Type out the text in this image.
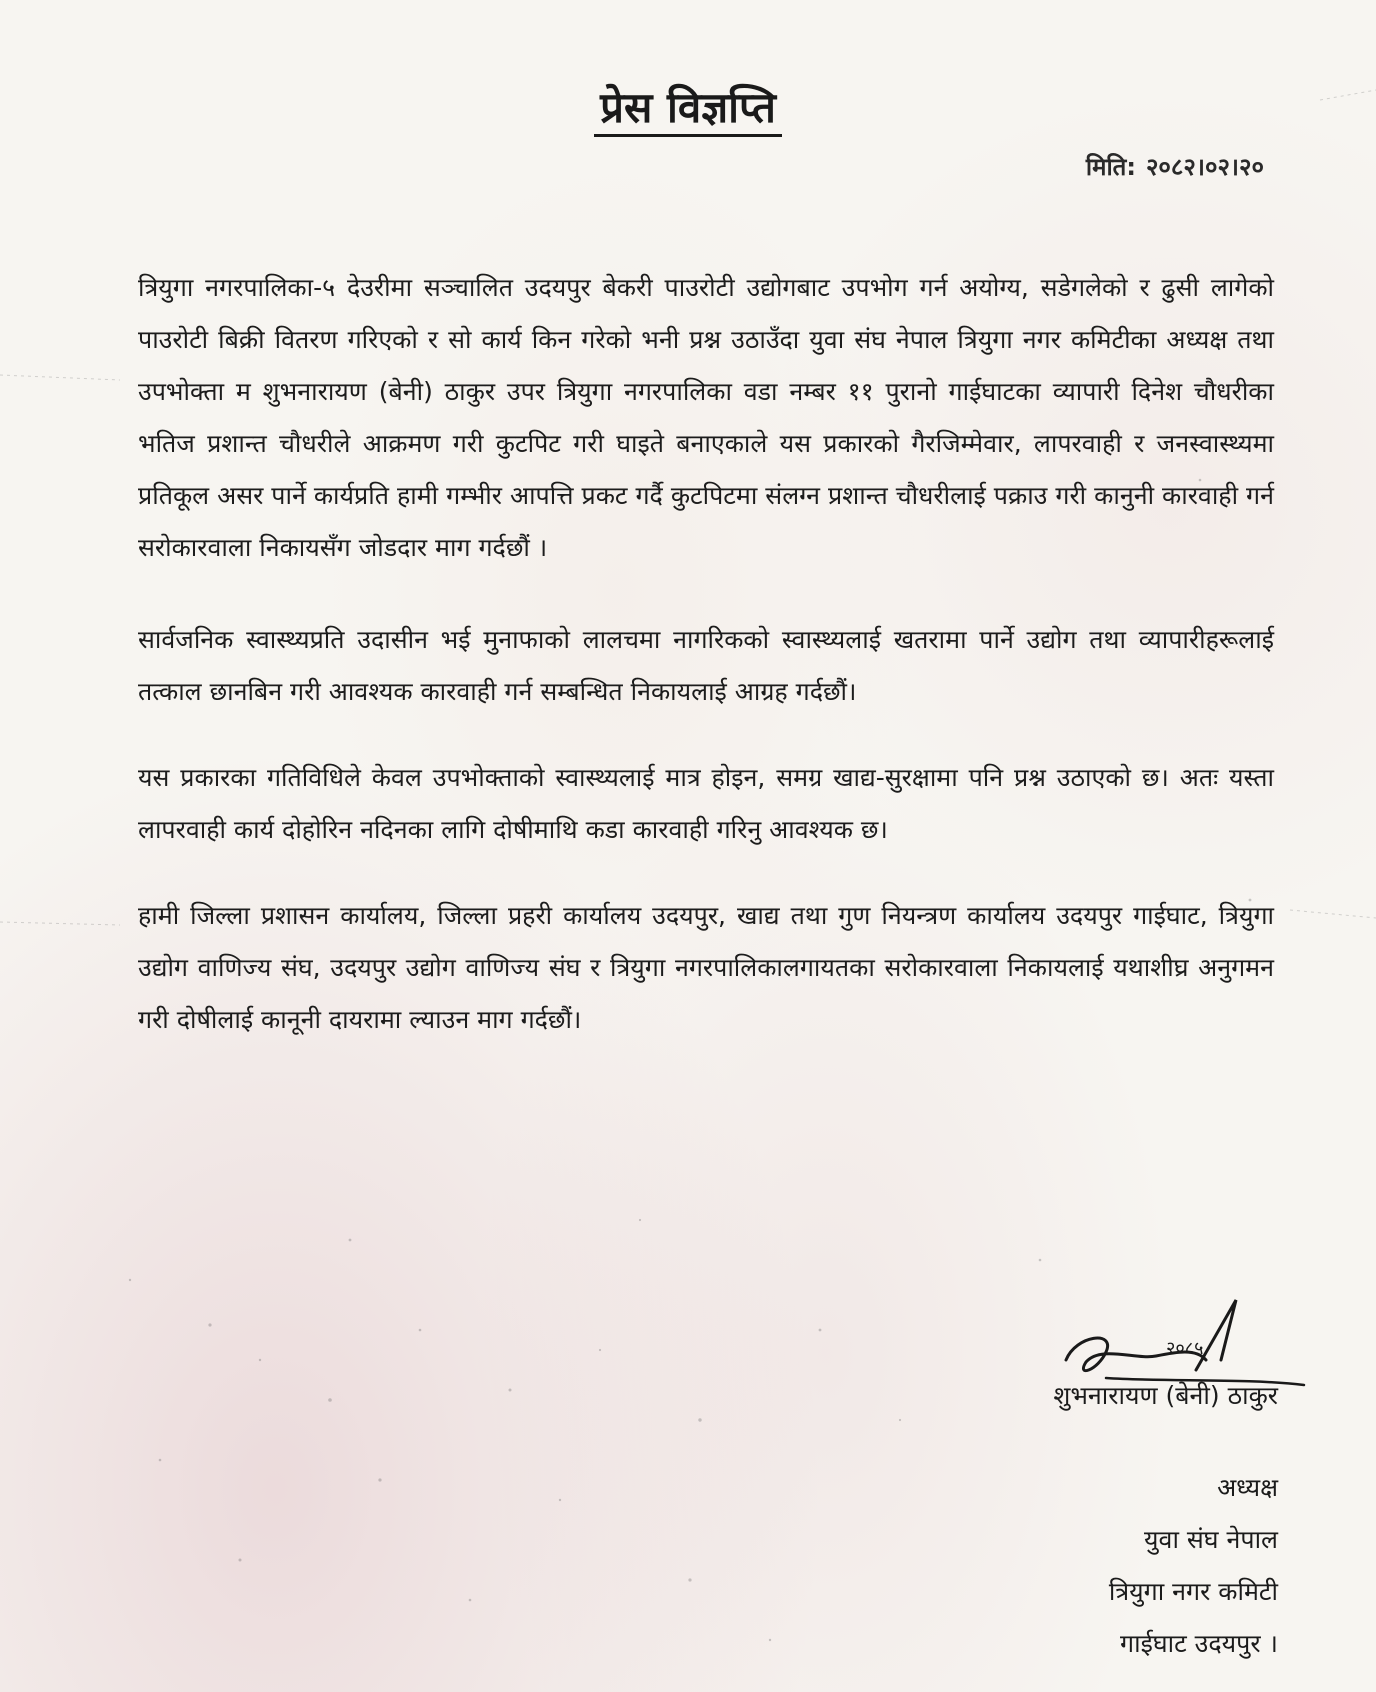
प्रेस विज्ञप्ति
मिति: २०८२।०२।२०

त्रियुगा नगरपालिका-५ देउरीमा सञ्चालित उदयपुर बेकरी पाउरोटी उद्योगबाट उपभोग गर्न अयोग्य, सडेगलेको र ढुसी लागेको पाउरोटी बिक्री वितरण गरिएको र सो कार्य किन गरेको भनी प्रश्न उठाउँदा युवा संघ नेपाल त्रियुगा नगर कमिटीका अध्यक्ष तथा उपभोक्ता म शुभनारायण (बेनी) ठाकुर उपर त्रियुगा नगरपालिका वडा नम्बर ११ पुरानो गाईघाटका व्यापारी दिनेश चौधरीका भतिज प्रशान्त चौधरीले आक्रमण गरी कुटपिट गरी घाइते बनाएकाले यस प्रकारको गैरजिम्मेवार, लापरवाही र जनस्वास्थ्यमा प्रतिकूल असर पार्ने कार्यप्रति हामी गम्भीर आपत्ति प्रकट गर्दै कुटपिटमा संलग्न प्रशान्त चौधरीलाई पक्राउ गरी कानुनी कारवाही गर्न सरोकारवाला निकायसँग जोडदार माग गर्दछौं ।

सार्वजनिक स्वास्थ्यप्रति उदासीन भई मुनाफाको लालचमा नागरिकको स्वास्थ्यलाई खतरामा पार्ने उद्योग तथा व्यापारीहरूलाई तत्काल छानबिन गरी आवश्यक कारवाही गर्न सम्बन्धित निकायलाई आग्रह गर्दछौं।

यस प्रकारका गतिविधिले केवल उपभोक्ताको स्वास्थ्यलाई मात्र होइन, समग्र खाद्य-सुरक्षामा पनि प्रश्न उठाएको छ। अतः यस्ता लापरवाही कार्य दोहोरिन नदिनका लागि दोषीमाथि कडा कारवाही गरिनु आवश्यक छ।

हामी जिल्ला प्रशासन कार्यालय, जिल्ला प्रहरी कार्यालय उदयपुर, खाद्य तथा गुण नियन्त्रण कार्यालय उदयपुर गाईघाट, त्रियुगा उद्योग वाणिज्य संघ, उदयपुर उद्योग वाणिज्य संघ र त्रियुगा नगरपालिकालगायतका सरोकारवाला निकायलाई यथाशीघ्र अनुगमन गरी दोषीलाई कानूनी दायरामा ल्याउन माग गर्दछौं।

२०८५
शुभनारायण (बेनी) ठाकुर
अध्यक्ष
युवा संघ नेपाल
त्रियुगा नगर कमिटी
गाईघाट उदयपुर ।
